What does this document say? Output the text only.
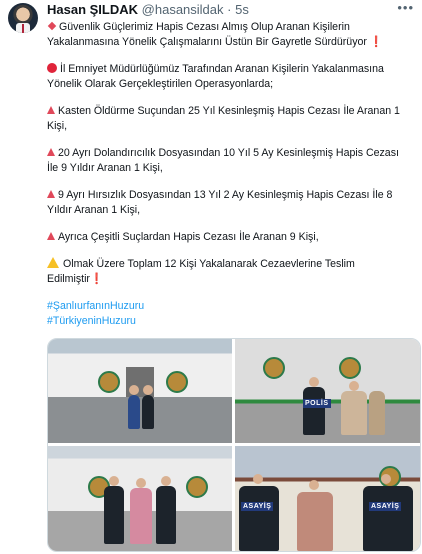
Hasan ŞILDAK @hasansildak · 5s	•••

Güvenlik Güçlerimiz Hapis Cezası Almış Olup Aranan Kişilerin Yakalanmasına Yönelik Çalışmalarını Üstün Bir Gayretle Sürdürüyor ❗

İl Emniyet Müdürlüğümüz Tarafından Aranan Kişilerin Yakalanmasına Yönelik Olarak Gerçekleştirilen Operasyonlarda;

Kasten Öldürme Suçundan 25 Yıl Kesinleşmiş Hapis Cezası İle Aranan 1 Kişi,

20 Ayrı Dolandırıcılık Dosyasından 10 Yıl 5 Ay Kesinleşmiş Hapis Cezası İle 9 Yıldır Aranan 1 Kişi,

9 Ayrı Hırsızlık Dosyasından 13 Yıl 2 Ay Kesinleşmiş Hapis Cezası İle 8 Yıldır Aranan 1 Kişi,

Ayrıca Çeşitli Suçlardan Hapis Cezası İle Aranan 9 Kişi,

Olmak Üzere Toplam 12 Kişi Yakalanarak Cezaevlerine Teslim Edilmiştir❗

#ŞanlıurfanınHuzuru
#TürkiyeninHuzuru

POLİS
ASAYİŞ	ASAYİŞ
